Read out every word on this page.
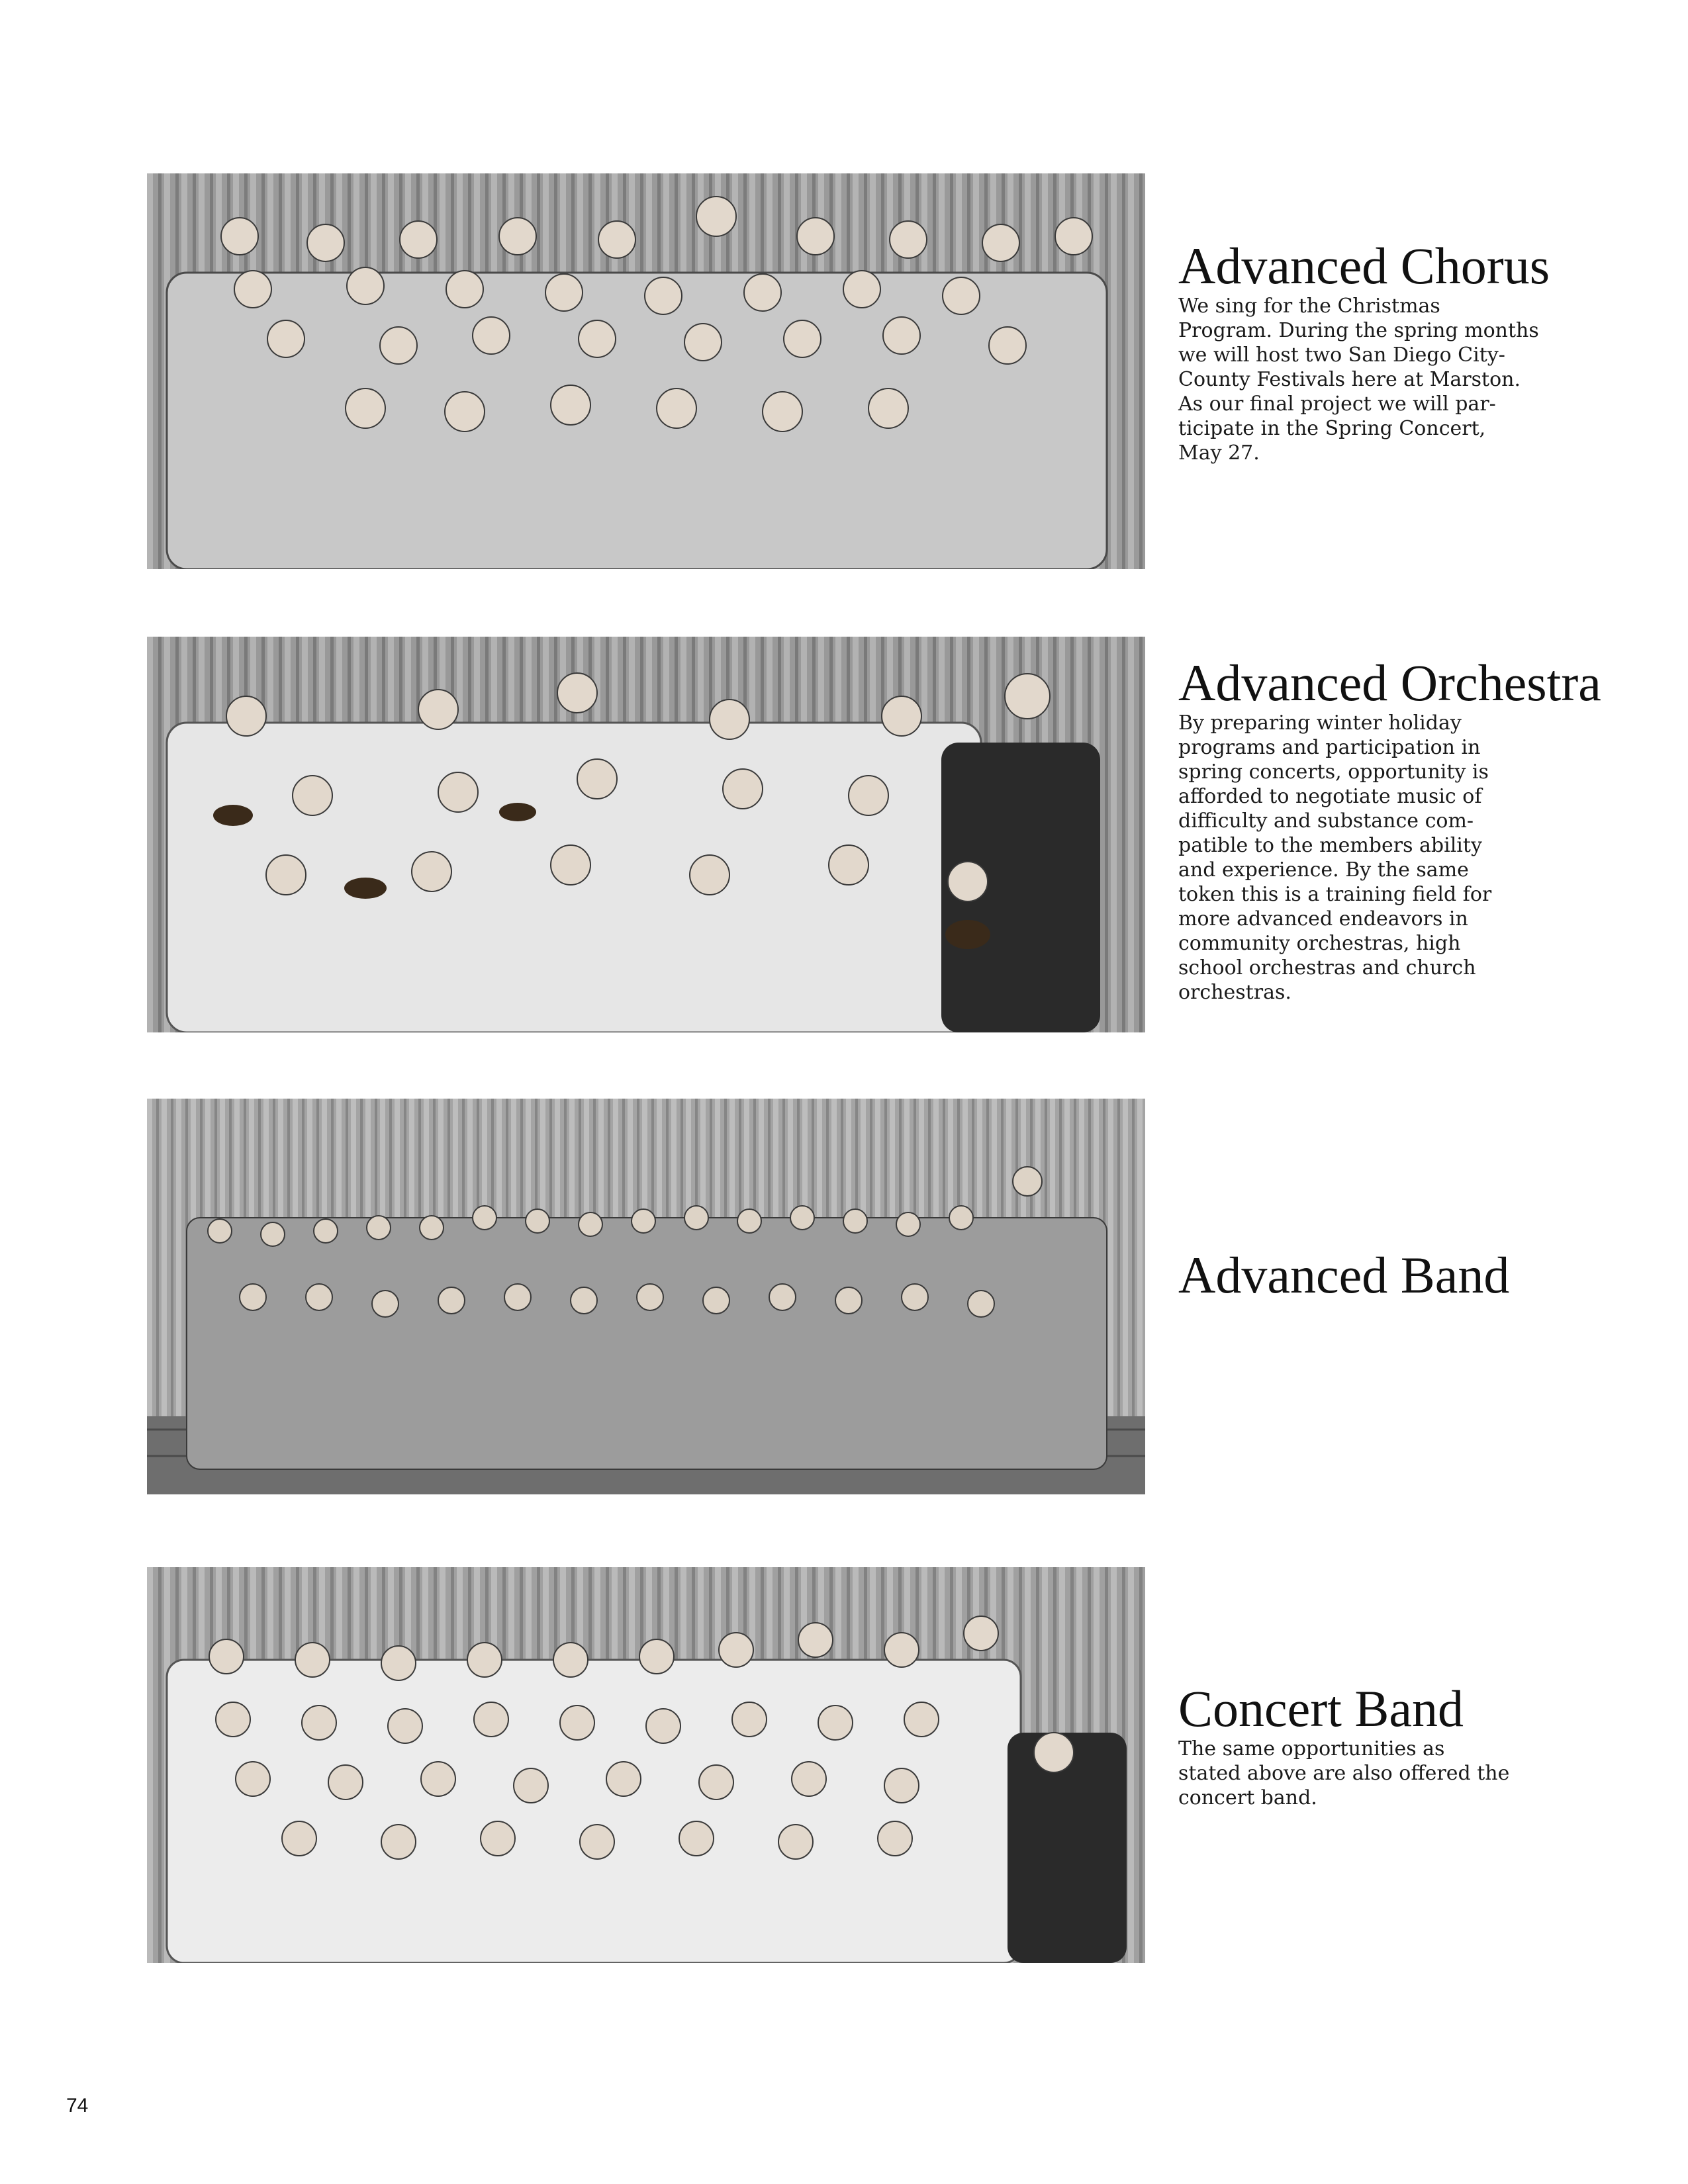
Advanced Chorus

We sing for the Christmas
Program. During the spring months
we will host two San Diego City-
County Festivals here at Marston.
As our final project we will par-
ticipate in the Spring Concert,
May 27.

Advanced Orchestra

By preparing winter holiday
programs and participation in
spring concerts, opportunity is
afforded to negotiate music of
difficulty and substance com-
patible to the members ability
and experience. By the same
token this is a training field for
more advanced endeavors in
community orchestras, high
school orchestras and church
orchestras.

Advanced Band

Concert Band

The same opportunities as
stated above are also offered the
concert band.

74
